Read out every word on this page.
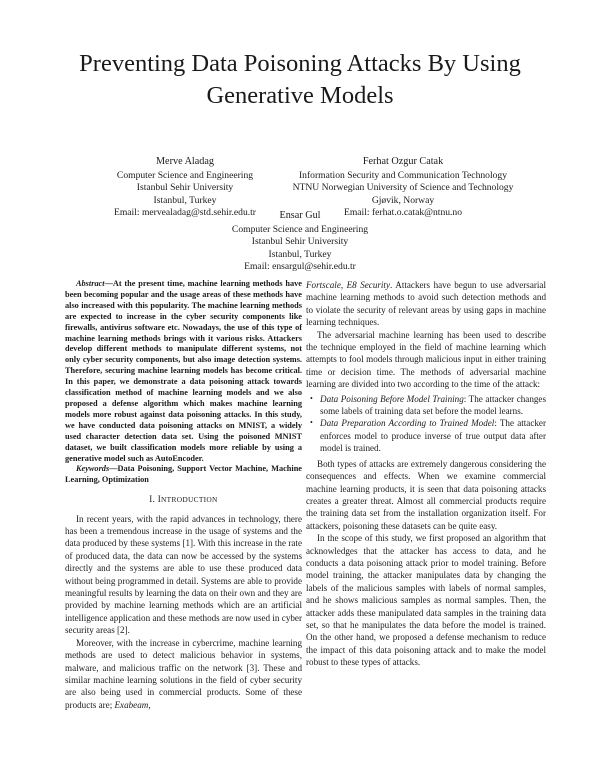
Preventing Data Poisoning Attacks By Using Generative Models
Merve Aladag
Computer Science and Engineering
Istanbul Sehir University
Istanbul, Turkey
Email: mervealadag@std.sehir.edu.tr
Ferhat Ozgur Catak
Information Security and Communication Technology
NTNU Norwegian University of Science and Technology
Gjøvik, Norway
Email: ferhat.o.catak@ntnu.no
Ensar Gul
Computer Science and Engineering
Istanbul Sehir University
Istanbul, Turkey
Email: ensargul@sehir.edu.tr

Abstract—At the present time, machine learning methods have been becoming popular and the usage areas of these methods have also increased with this popularity. The machine learning methods are expected to increase in the cyber security components like firewalls, antivirus software etc. Nowadays, the use of this type of machine learning methods brings with it various risks. Attackers develop different methods to manipulate different systems, not only cyber security components, but also image detection systems. Therefore, securing machine learning models has become critical. In this paper, we demonstrate a data poisoning attack towards classification method of machine learning models and we also proposed a defense algorithm which makes machine learning models more robust against data poisoning attacks. In this study, we have conducted data poisoning attacks on MNIST, a widely used character detection data set. Using the poisoned MNIST dataset, we built classification models more reliable by using a generative model such as AutoEncoder.

Keywords—Data Poisoning, Support Vector Machine, Machine Learning, Optimization

I. INTRODUCTION

In recent years, with the rapid advances in technology, there has been a tremendous increase in the usage of systems and the data produced by these systems [1]. With this increase in the rate of produced data, the data can now be accessed by the systems directly and the systems are able to use these produced data without being programmed in detail. Systems are able to provide meaningful results by learning the data on their own and they are provided by machine learning methods which are an artificial intelligence application and these methods are now used in cyber security areas [2].

Moreover, with the increase in cybercrime, machine learning methods are used to detect malicious behavior in systems, malware, and malicious traffic on the network [3]. These and similar machine learning solutions in the field of cyber security are also being used in commercial products. Some of these products are; Exabeam,

Fortscale, E8 Security. Attackers have begun to use adversarial machine learning methods to avoid such detection methods and to violate the security of relevant areas by using gaps in machine learning techniques.

The adversarial machine learning has been used to describe the technique employed in the field of machine learning which attempts to fool models through malicious input in either training time or decision time. The methods of adversarial machine learning are divided into two according to the time of the attack:

• Data Poisoning Before Model Training: The attacker changes some labels of training data set before the model learns.
• Data Preparation According to Trained Model: The attacker enforces model to produce inverse of true output data after model is trained.

Both types of attacks are extremely dangerous considering the consequences and effects. When we examine commercial machine learning products, it is seen that data poisoning attacks creates a greater threat. Almost all commercial products require the training data set from the installation organization itself. For attackers, poisoning these datasets can be quite easy.

In the scope of this study, we first proposed an algorithm that acknowledges that the attacker has access to data, and he conducts a data poisoning attack prior to model training. Before model training, the attacker manipulates data by changing the labels of the malicious samples with labels of normal samples, and he shows malicious samples as normal samples. Then, the attacker adds these manipulated data samples in the training data set, so that he manipulates the data before the model is trained. On the other hand, we proposed a defense mechanism to reduce the impact of this data poisoning attack and to make the model robust to these types of attacks.
